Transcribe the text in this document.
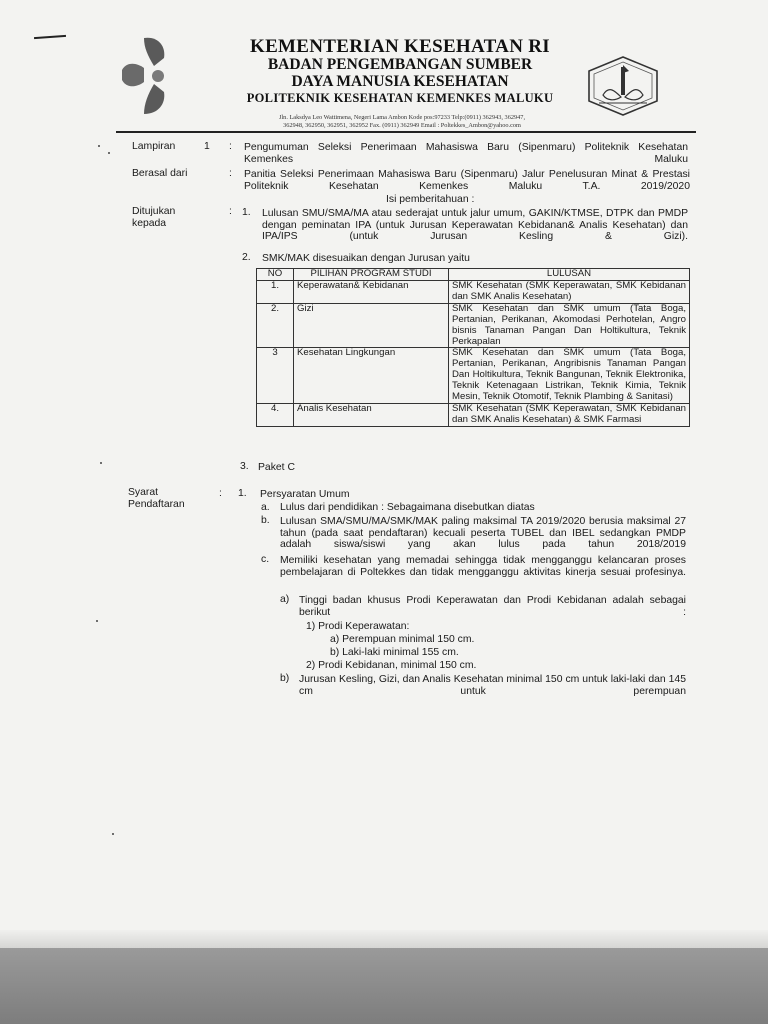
KEMENTERIAN KESEHATAN RI
BADAN PENGEMBANGAN SUMBER
DAYA MANUSIA KESEHATAN
POLITEKNIK KESEHATAN KEMENKES MALUKU
Jln. Laksdya Leo Wattimena, Negeri Lama Ambon Kode pos:97233 Telp:(0911) 362943, 362947,
362948, 362950, 362951, 362952 Fax. (0911) 362949 Email : Poltekkes_Ambon@yahoo.com
Lampiran	1 : Pengumuman Seleksi Penerimaan Mahasiswa Baru (Sipenmaru) Politeknik Kesehatan Kemenkes Maluku
Berasal dari	: Panitia Seleksi Penerimaan Mahasiswa Baru (Sipenmaru) Jalur Penelusuran Minat & Prestasi Politeknik Kesehatan Kemenkes Maluku T.A. 2019/2020
Isi pemberitahuan :
Ditujukan
kepada
: 1. Lulusan SMU/SMA/MA atau sederajat untuk jalur umum, GAKIN/KTMSE, DTPK dan PMDP dengan peminatan IPA (untuk Jurusan Keperawatan Kebidanan& Analis Kesehatan) dan IPA/IPS (untuk Jurusan Kesling & Gizi).
2. SMK/MAK disesuaikan dengan Jurusan yaitu
NO	PILIHAN PROGRAM STUDI	LULUSAN
1.	Keperawatan& Kebidanan	SMK Kesehatan (SMK Keperawatan, SMK Kebidanan dan SMK Analis Kesehatan)
2.	Gizi	SMK Kesehatan dan SMK umum (Tata Boga, Pertanian, Perikanan, Akomodasi Perhotelan, Angro bisnis Tanaman Pangan Dan Holtikultura, Teknik Perkapalan
3	Kesehatan Lingkungan	SMK Kesehatan dan SMK umum (Tata Boga, Pertanian, Perikanan, Angribisnis Tanaman Pangan Dan Holtikultura, Teknik Bangunan, Teknik Elektronika, Teknik Ketenagaan Listrikan, Teknik Kimia, Teknik Mesin, Teknik Otomotif, Teknik Plambing & Sanitasi)
4.	Analis Kesehatan	SMK Kesehatan (SMK Keperawatan, SMK Kebidanan dan SMK Analis Kesehatan) & SMK Farmasi
3. Paket C
Syarat
Pendaftaran
: 1. Persyaratan Umum
a. Lulus dari pendidikan : Sebagaimana disebutkan diatas
b. Lulusan SMA/SMU/MA/SMK/MAK paling maksimal TA 2019/2020 berusia maksimal 27 tahun (pada saat pendaftaran) kecuali peserta TUBEL dan IBEL sedangkan PMDP adalah siswa/siswi yang akan lulus pada tahun 2018/2019
c. Memiliki kesehatan yang memadai sehingga tidak mengganggu kelancaran proses pembelajaran di Poltekkes dan tidak mengganggu aktivitas kinerja sesuai profesinya.
a) Tinggi badan khusus Prodi Keperawatan dan Prodi Kebidanan adalah sebagai berikut :
1) Prodi Keperawatan:
a) Perempuan minimal 150 cm.
b) Laki-laki minimal 155 cm.
2) Prodi Kebidanan, minimal 150 cm.
b) Jurusan Kesling, Gizi, dan Analis Kesehatan minimal 150 cm untuk laki-laki dan 145 cm untuk perempuan
